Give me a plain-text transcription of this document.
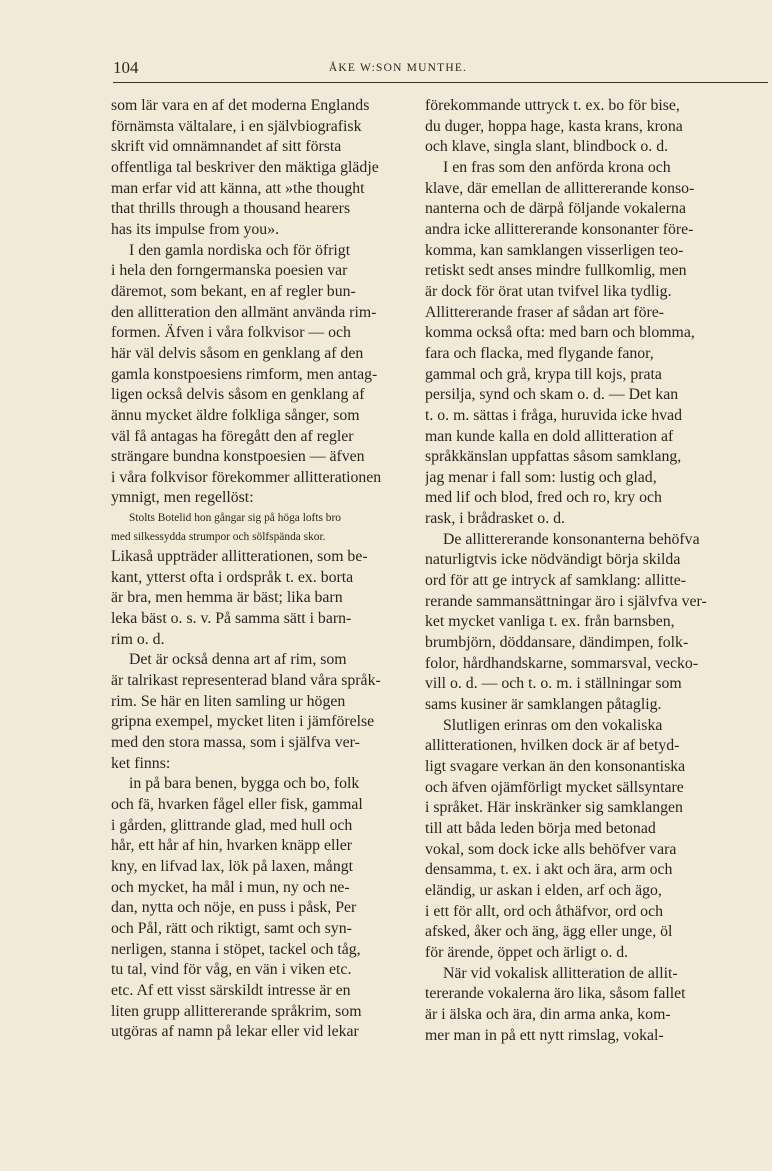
104	ÅKE W:SON MUNTHE.
som lär vara en af det moderna Englands
förnämsta vältalare, i en självbiografisk
skrift vid omnämnandet af sitt första
offentliga tal beskriver den mäktiga glädje
man erfar vid att känna, att »the thought
that thrills through a thousand hearers
has its impulse from you».
I den gamla nordiska och för öfrigt
i hela den forngermanska poesien var
däremot, som bekant, en af regler bun-
den allitteration den allmänt använda rim-
formen. Äfven i våra folkvisor — och
här väl delvis såsom en genklang af den
gamla konstpoesiens rimform, men antag-
ligen också delvis såsom en genklang af
ännu mycket äldre folkliga sånger, som
väl få antagas ha föregått den af regler
strängare bundna konstpoesien — äfven
i våra folkvisor förekommer allitterationen
ymnigt, men regellöst:
Stolts Botelid hon gångar sig på höga lofts bro
med silkessydda strumpor och sölfspända skor.
Likaså uppträder allitterationen, som be-
kant, ytterst ofta i ordspråk t. ex. borta
är bra, men hemma är bäst; lika barn
leka bäst o. s. v. På samma sätt i barn-
rim o. d.
Det är också denna art af rim, som
är talrikast representerad bland våra språk-
rim. Se här en liten samling ur högen
gripna exempel, mycket liten i jämförelse
med den stora massa, som i själfva ver-
ket finns:
in på bara benen, bygga och bo, folk
och fä, hvarken fågel eller fisk, gammal
i gården, glittrande glad, med hull och
hår, ett hår af hin, hvarken knäpp eller
kny, en lifvad lax, lök på laxen, mångt
och mycket, ha mål i mun, ny och ne-
dan, nytta och nöje, en puss i påsk, Per
och Pål, rätt och riktigt, samt och syn-
nerligen, stanna i stöpet, tackel och tåg,
tu tal, vind för våg, en vän i viken etc.
etc. Af ett visst särskildt intresse är en
liten grupp allittererande språkrim, som
utgöras af namn på lekar eller vid lekar
förekommande uttryck t. ex. bo för bise,
du duger, hoppa hage, kasta krans, krona
och klave, singla slant, blindbock o. d.
I en fras som den anförda krona och
klave, där emellan de allittererande konso-
nanterna och de därpå följande vokalerna
andra icke allittererande konsonanter före-
komma, kan samklangen visserligen teo-
retiskt sedt anses mindre fullkomlig, men
är dock för örat utan tvifvel lika tydlig.
Allittererande fraser af sådan art före-
komma också ofta: med barn och blomma,
fara och flacka, med flygande fanor,
gammal och grå, krypa till kojs, prata
persilja, synd och skam o. d. — Det kan
t. o. m. sättas i fråga, huruvida icke hvad
man kunde kalla en dold allitteration af
språkkänslan uppfattas såsom samklang,
jag menar i fall som: lustig och glad,
med lif och blod, fred och ro, kry och
rask, i brådrasket o. d.
De allittererande konsonanterna behöfva
naturligtvis icke nödvändigt börja skilda
ord för att ge intryck af samklang: allitte-
rerande sammansättningar äro i självfva ver-
ket mycket vanliga t. ex. från barnsben,
brumbjörn, döddansare, dändimpen, folk-
folor, hårdhandskarne, sommarsval, vecko-
vill o. d. — och t. o. m. i ställningar som
sams kusiner är samklangen påtaglig.
Slutligen erinras om den vokaliska
allitterationen, hvilken dock är af betyd-
ligt svagare verkan än den konsonantiska
och äfven ojämförligt mycket sällsyntare
i språket. Här inskränker sig samklangen
till att båda leden börja med betonad
vokal, som dock icke alls behöfver vara
densamma, t. ex. i akt och ära, arm och
eländig, ur askan i elden, arf och ägo,
i ett för allt, ord och åthäfvor, ord och
afsked, åker och äng, ägg eller unge, öl
för ärende, öppet och ärligt o. d.
När vid vokalisk allitteration de allit-
tererande vokalerna äro lika, såsom fallet
är i älska och ära, din arma anka, kom-
mer man in på ett nytt rimslag, vokal-
